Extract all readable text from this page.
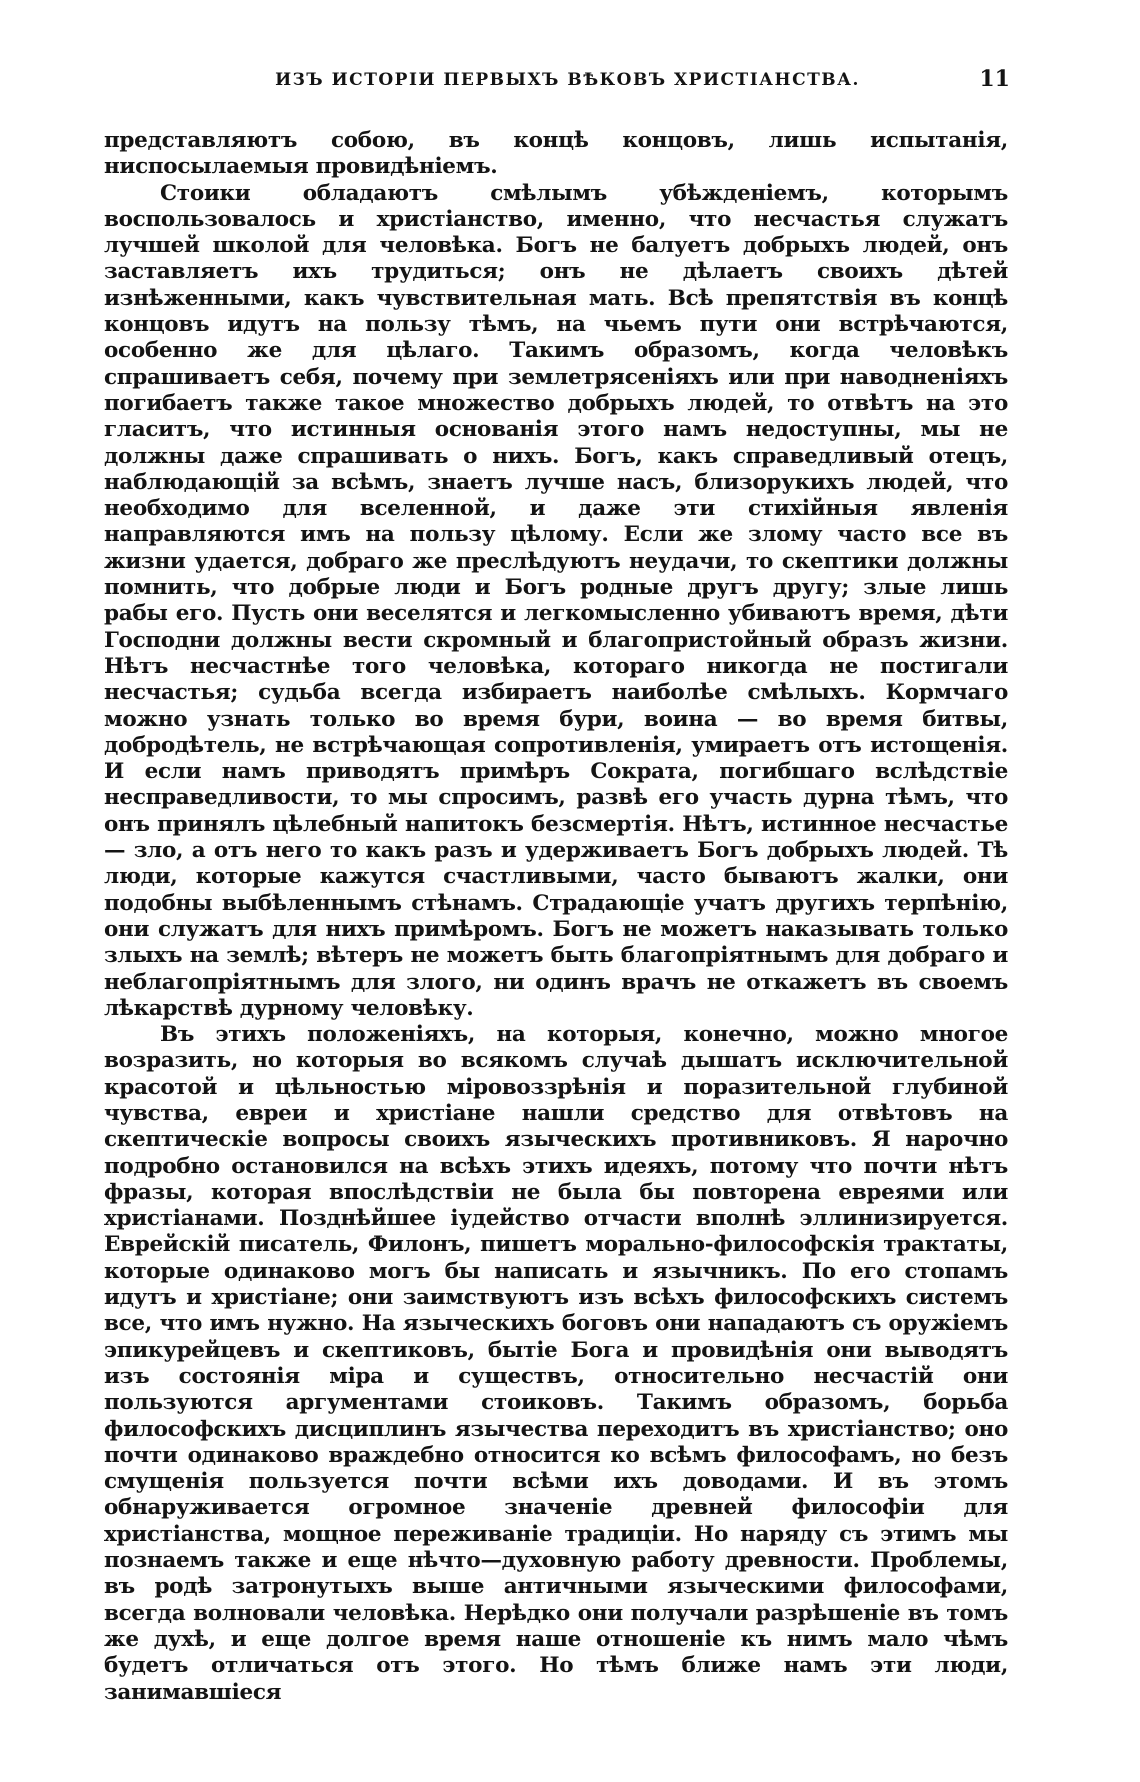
ИЗЪ ИСТОРІИ ПЕРВЫХЪ ВѢКОВЪ ХРИСТІАНСТВА.	11

представляютъ собою, въ концѣ концовъ, лишь испытанія, ниспосылаемыя провидѣніемъ.

Стоики обладаютъ смѣлымъ убѣжденіемъ, которымъ воспользовалось и христіанство, именно, что несчастья служатъ лучшей школой для человѣка. Богъ не балуетъ добрыхъ людей, онъ заставляетъ ихъ трудиться; онъ не дѣлаетъ своихъ дѣтей изнѣженными, какъ чувствительная мать. Всѣ препятствія въ концѣ концовъ идутъ на пользу тѣмъ, на чьемъ пути они встрѣчаются, особенно же для цѣлаго. Такимъ образомъ, когда человѣкъ спрашиваетъ себя, почему при землетрясеніяхъ или при наводненіяхъ погибаетъ также такое множество добрыхъ людей, то отвѣтъ на это гласитъ, что истинныя основанія этого намъ недоступны, мы не должны даже спрашивать о нихъ. Богъ, какъ справедливый отецъ, наблюдающій за всѣмъ, знаетъ лучше насъ, близорукихъ людей, что необходимо для вселенной, и даже эти стихійныя явленія направляются имъ на пользу цѣлому. Если же злому часто все въ жизни удается, добраго же преслѣдуютъ неудачи, то скептики должны помнить, что добрые люди и Богъ родные другъ другу; злые лишь рабы его. Пусть они веселятся и легкомысленно убиваютъ время, дѣти Господни должны вести скромный и благопристойный образъ жизни. Нѣтъ несчастнѣе того человѣка, котораго никогда не постигали несчастья; судьба всегда избираетъ наиболѣе смѣлыхъ. Кормчаго можно узнать только во время бури, воина — во время битвы, добродѣтель, не встрѣчающая сопротивленія, умираетъ отъ истощенія. И если намъ приводятъ примѣръ Сократа, погибшаго вслѣдствіе несправедливости, то мы спросимъ, развѣ его участь дурна тѣмъ, что онъ принялъ цѣлебный напитокъ безсмертія. Нѣтъ, истинное несчастье — зло, а отъ него то какъ разъ и удерживаетъ Богъ добрыхъ людей. Тѣ люди, которые кажутся счастливыми, часто бываютъ жалки, они подобны выбѣленнымъ стѣнамъ. Страдающіе учатъ другихъ терпѣнію, они служатъ для нихъ примѣромъ. Богъ не можетъ наказывать только злыхъ на землѣ; вѣтеръ не можетъ быть благопріятнымъ для добраго и неблагопріятнымъ для злого, ни одинъ врачъ не откажетъ въ своемъ лѣкарствѣ дурному человѣку.

Въ этихъ положеніяхъ, на которыя, конечно, можно многое возразить, но которыя во всякомъ случаѣ дышатъ исключительной красотой и цѣльностью міровоззрѣнія и поразительной глубиной чувства, евреи и христіане нашли средство для отвѣтовъ на скептическіе вопросы своихъ языческихъ противниковъ. Я нарочно подробно остановился на всѣхъ этихъ идеяхъ, потому что почти нѣтъ фразы, которая впослѣдствіи не была бы повторена евреями или христіанами. Позднѣйшее іудейство отчасти вполнѣ эллинизируется. Еврейскій писатель, Филонъ, пишетъ морально-философскія трактаты, которые одинаково могъ бы написать и язычникъ. По его стопамъ идутъ и христіане; они заимствуютъ изъ всѣхъ философскихъ системъ все, что имъ нужно. На языческихъ боговъ они нападаютъ съ оружіемъ эпикурейцевъ и скептиковъ, бытіе Бога и провидѣнія они выводятъ изъ состоянія міра и существъ, относительно несчастій они пользуются аргументами стоиковъ. Такимъ образомъ, борьба философскихъ дисциплинъ язычества переходитъ въ христіанство; оно почти одинаково враждебно относится ко всѣмъ философамъ, но безъ смущенія пользуется почти всѣми ихъ доводами. И въ этомъ обнаруживается огромное значеніе древней философіи для христіанства, мощное переживаніе традиціи. Но наряду съ этимъ мы познаемъ также и еще нѣчто—духовную работу древности. Проблемы, въ родѣ затронутыхъ выше античными языческими философами, всегда волновали человѣка. Нерѣдко они получали разрѣшеніе въ томъ же духѣ, и еще долгое время наше отношеніе къ нимъ мало чѣмъ будетъ отличаться отъ этого. Но тѣмъ ближе намъ эти люди, занимавшіеся
